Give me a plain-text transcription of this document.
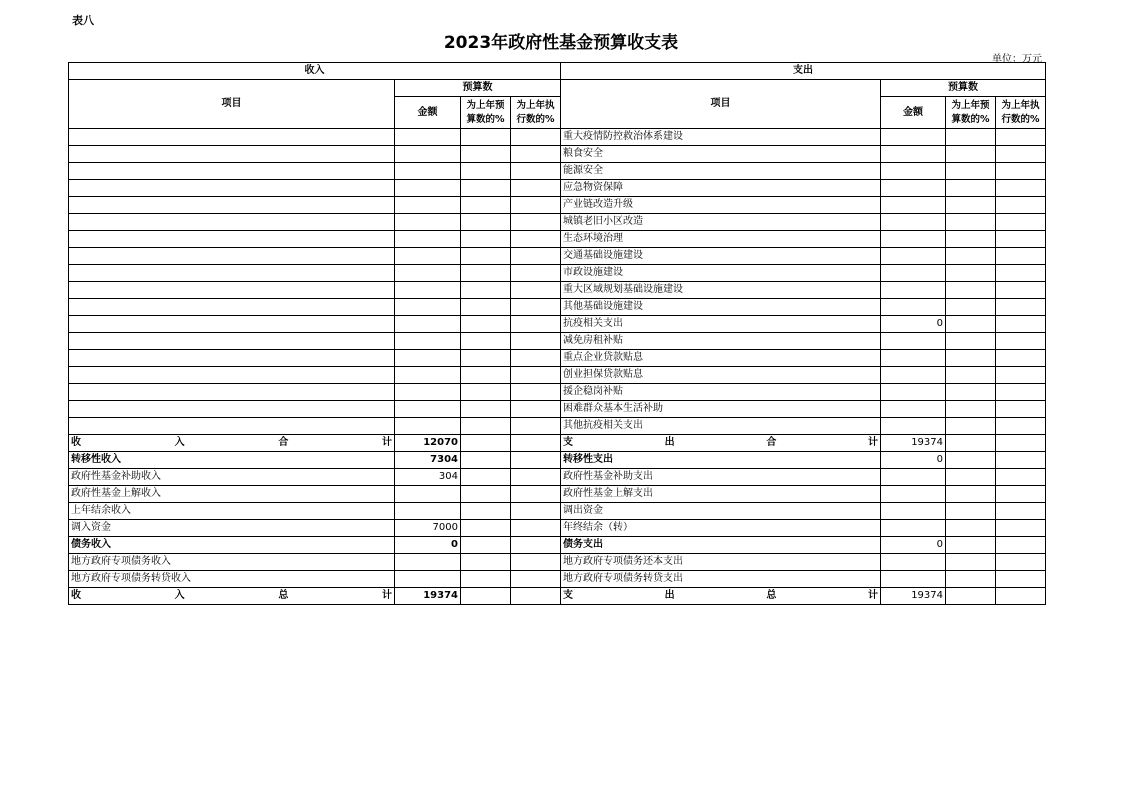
表八
2023年政府性基金预算收支表
单位：万元
收入				支出			
项目	预算数			项目	预算数		
	金额	为上年预算数的%	为上年执行数的%		金额	为上年预算数的%	为上年执行数的%
				重大疫情防控救治体系建设			
				粮食安全			
				能源安全			
				应急物资保障			
				产业链改造升级			
				城镇老旧小区改造			
				生态环境治理			
				交通基础设施建设			
				市政设施建设			
				重大区域规划基础设施建设			
				其他基础设施建设			
				抗疫相关支出	0		
				减免房租补贴			
				重点企业贷款贴息			
				创业担保贷款贴息			
				援企稳岗补贴			
				困难群众基本生活补助			
				其他抗疫相关支出			

收 入 合 计	12070			支 出 合 计	19374		
转移性收入	7304			转移性支出	0		
政府性基金补助收入	304			政府性基金补助支出			
政府性基金上解收入				政府性基金上解支出			
上年结余收入				调出资金			
调入资金	7000			年终结余（转）			
债务收入	0			债务支出	0		
地方政府专项债务收入				地方政府专项债务还本支出			
地方政府专项债务转贷收入				地方政府专项债务转贷支出			

收 入 总 计	19374			支 出 总 计	19374		
